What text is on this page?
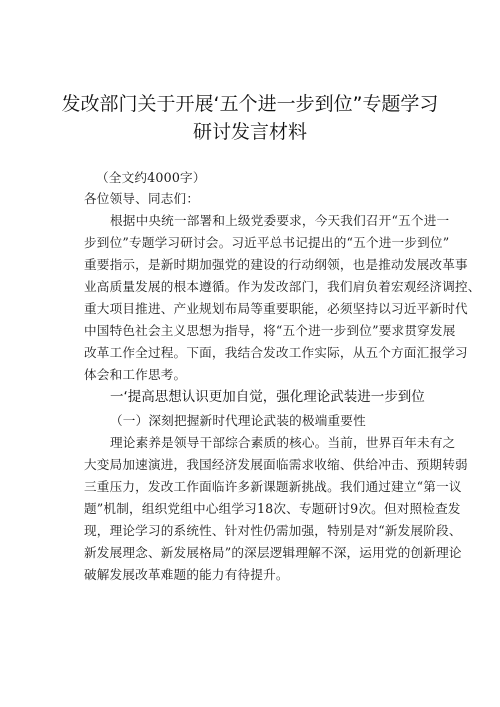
发改部门关于开展‘五个进一步到位”专题学习
研讨发言材料
（全文约4000字）
各位领导、同志们：
根据中央统一部署和上级党委要求，今天我们召开“五个进一
步到位”专题学习研讨会。习近平总书记提出的“五个进一步到位”
重要指示，是新时期加强党的建设的行动纲领，也是推动发展改革事
业高质量发展的根本遵循。作为发改部门，我们肩负着宏观经济调控、
重大项目推进、产业规划布局等重要职能，必须坚持以习近平新时代
中国特色社会主义思想为指导，将“五个进一步到位”要求贯穿发展
改革工作全过程。下面，我结合发改工作实际，从五个方面汇报学习
体会和工作思考。
一‘提高思想认识更加自觉，强化理论武装进一步到位
（一）深刻把握新时代理论武装的极端重要性
理论素养是领导干部综合素质的核心。当前，世界百年未有之
大变局加速演进，我国经济发展面临需求收缩、供给冲击、预期转弱
三重压力，发改工作面临许多新课题新挑战。我们通过建立“第一议
题”机制，组织党组中心组学习18次、专题研讨9次。但对照检查发
现，理论学习的系统性、针对性仍需加强，特别是对“新发展阶段、
新发展理念、新发展格局”的深层逻辑理解不深，运用党的创新理论
破解发展改革难题的能力有待提升。
